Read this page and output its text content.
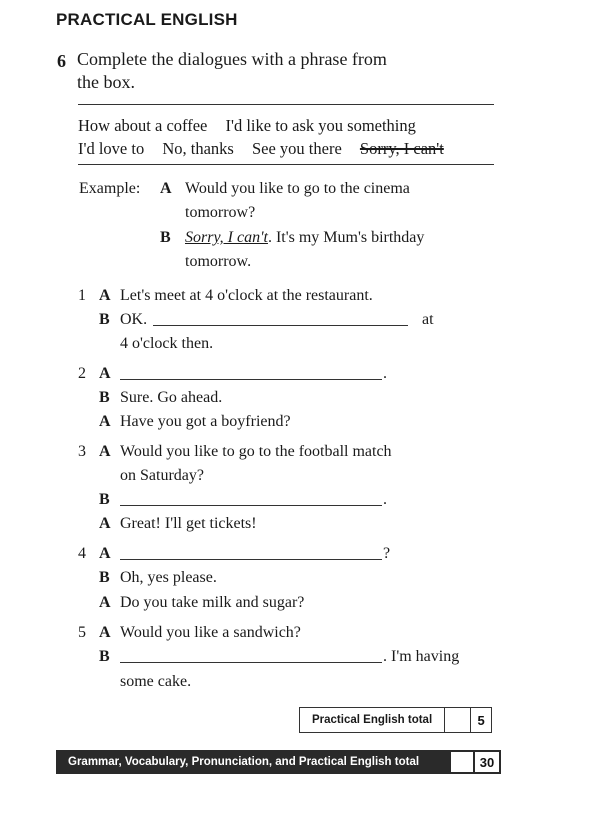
PRACTICAL ENGLISH
6 Complete the dialogues with a phrase from
the box.
How about a coffee I'd like to ask you something
I'd love to No, thanks See you there Sorry, I can't
Example: A Would you like to go to the cinema
tomorrow?
B Sorry, I can't. It's my Mum's birthday
tomorrow.
1 A Let's meet at 4 o'clock at the restaurant.
B OK.	at
4 o'clock then.
2 A	.
B Sure. Go ahead.
A Have you got a boyfriend?
3 A Would you like to go to the football match
on Saturday?
B	.
A Great! I'll get tickets!
4 A	?
B Oh, yes please.
A Do you take milk and sugar?
5 A Would you like a sandwich?
B	. I'm having
some cake.
Practical English total	5
Grammar, Vocabulary, Pronunciation, and Practical English total	30
